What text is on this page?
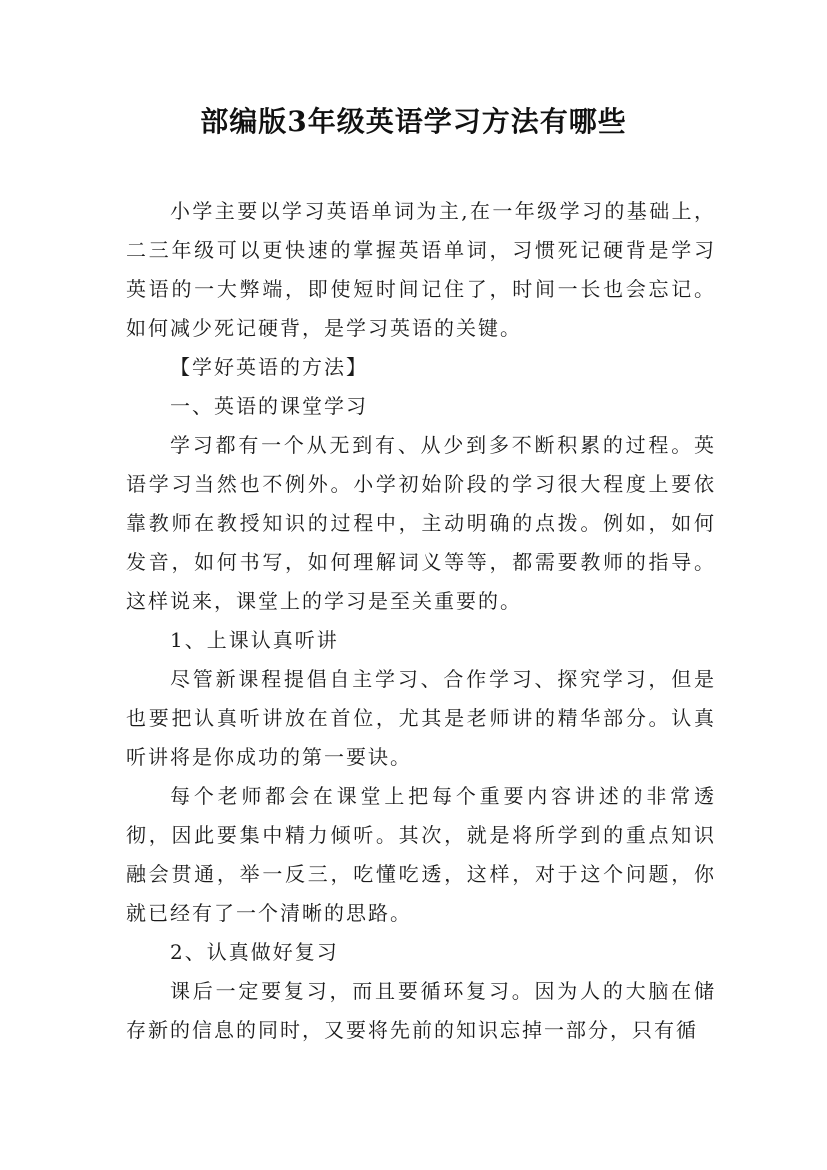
部编版3年级英语学习方法有哪些

小学主要以学习英语单词为主,在一年级学习的基础上，二三年级可以更快速的掌握英语单词，习惯死记硬背是学习英语的一大弊端，即使短时间记住了，时间一长也会忘记。如何减少死记硬背，是学习英语的关键。

【学好英语的方法】

一、英语的课堂学习

学习都有一个从无到有、从少到多不断积累的过程。英语学习当然也不例外。小学初始阶段的学习很大程度上要依靠教师在教授知识的过程中，主动明确的点拨。例如，如何发音，如何书写，如何理解词义等等，都需要教师的指导。这样说来，课堂上的学习是至关重要的。

1、上课认真听讲

尽管新课程提倡自主学习、合作学习、探究学习，但是也要把认真听讲放在首位，尤其是老师讲的精华部分。认真听讲将是你成功的第一要诀。

每个老师都会在课堂上把每个重要内容讲述的非常透彻，因此要集中精力倾听。其次，就是将所学到的重点知识融会贯通，举一反三，吃懂吃透，这样，对于这个问题，你就已经有了一个清晰的思路。

2、认真做好复习

课后一定要复习，而且要循环复习。因为人的大脑在储存新的信息的同时，又要将先前的知识忘掉一部分，只有循
